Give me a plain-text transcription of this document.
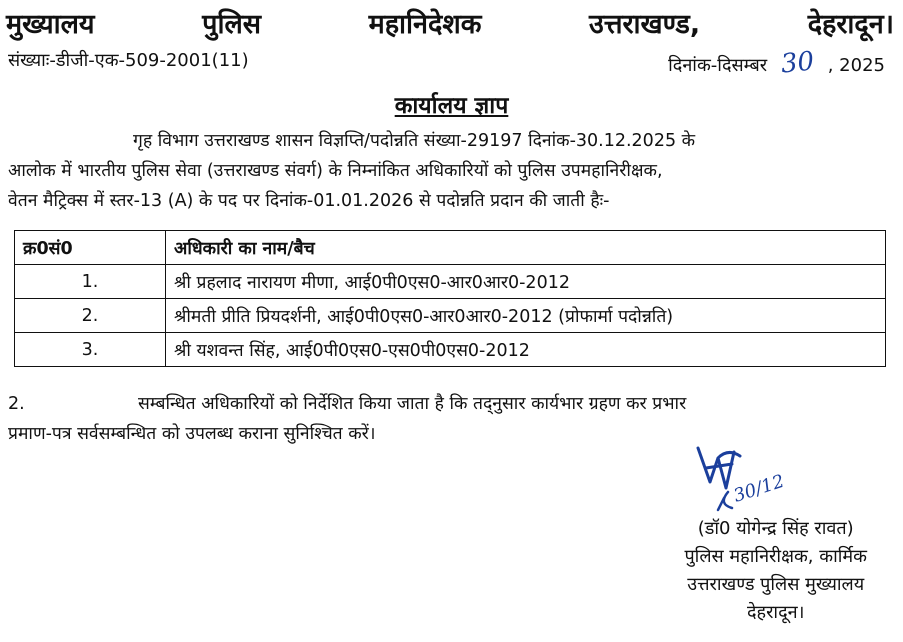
मुख्यालय	पुलिस	महानिदेशक	उत्तराखण्ड,	देहरादून।
संख्याः-डीजी-एक-509-2001(11)	दिनांक-दिसम्बर 30 , 2025
कार्यालय ज्ञाप

गृह विभाग उत्तराखण्ड शासन विज्ञप्ति/पदोन्नति संख्या-29197 दिनांक-30.12.2025 के

आलोक में भारतीय पुलिस सेवा (उत्तराखण्ड संवर्ग) के निम्नांकित अधिकारियों को पुलिस उपमहानिरीक्षक,

वेतन मैट्रिक्स में स्तर-13 (A) के पद पर दिनांक-01.01.2026 से पदोन्नति प्रदान की जाती हैः-

क्र0सं0	अधिकारी का नाम/बैच
1.	श्री प्रहलाद नारायण मीणा, आई0पी0एस0-आर0आर0-2012
2.	श्रीमती प्रीति प्रियदर्शनी, आई0पी0एस0-आर0आर0-2012 (प्रोफार्मा पदोन्नति)
3.	श्री यशवन्त सिंह, आई0पी0एस0-एस0पी0एस0-2012

2.	सम्बन्धित अधिकारियों को निर्देशित किया जाता है कि तद्नुसार कार्यभार ग्रहण कर प्रभार

प्रमाण-पत्र सर्वसम्बन्धित को उपलब्ध कराना सुनिश्चित करें।

30/12
(डॉ0 योगेन्द्र सिंह रावत)
पुलिस महानिरीक्षक, कार्मिक
उत्तराखण्ड पुलिस मुख्यालय
देहरादून।
